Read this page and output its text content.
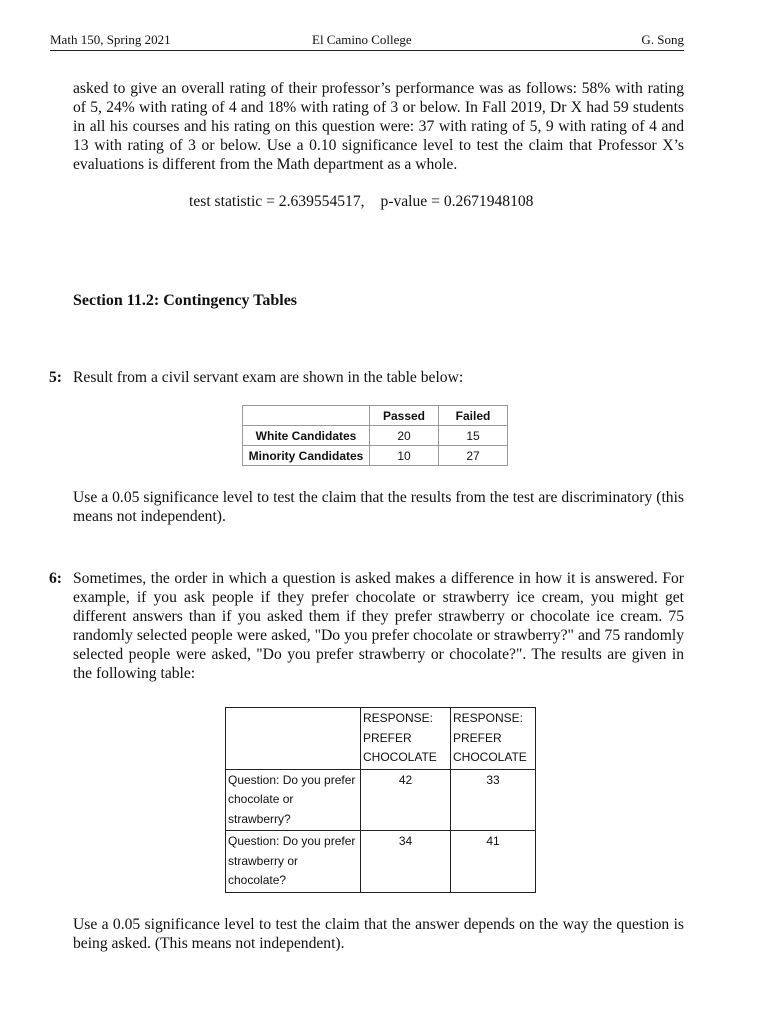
Math 150, Spring 2021	El Camino College	G. Song
asked to give an overall rating of their professor’s performance was as follows: 58% with rating of 5, 24% with rating of 4 and 18% with rating of 3 or below. In Fall 2019, Dr X had 59 students in all his courses and his rating on this question were: 37 with rating of 5, 9 with rating of 4 and 13 with rating of 3 or below. Use a 0.10 significance level to test the claim that Professor X’s evaluations is different from the Math department as a whole.
test statistic = 2.639554517, p-value = 0.2671948108
Section 11.2: Contingency Tables
5: Result from a civil servant exam are shown in the table below:
	Passed	Failed
White Candidates	20	15
Minority Candidates	10	27
Use a 0.05 significance level to test the claim that the results from the test are discriminatory (this means not independent).
6: Sometimes, the order in which a question is asked makes a difference in how it is answered. For example, if you ask people if they prefer chocolate or strawberry ice cream, you might get different answers than if you asked them if they prefer strawberry or chocolate ice cream. 75 randomly selected people were asked, "Do you prefer chocolate or strawberry?" and 75 randomly selected people were asked, "Do you prefer strawberry or chocolate?". The results are given in the following table:
	RESPONSE: PREFER CHOCOLATE	RESPONSE: PREFER CHOCOLATE
Question: Do you prefer chocolate or strawberry?	42	33
Question: Do you prefer strawberry or chocolate?	34	41
Use a 0.05 significance level to test the claim that the answer depends on the way the question is being asked. (This means not independent).
